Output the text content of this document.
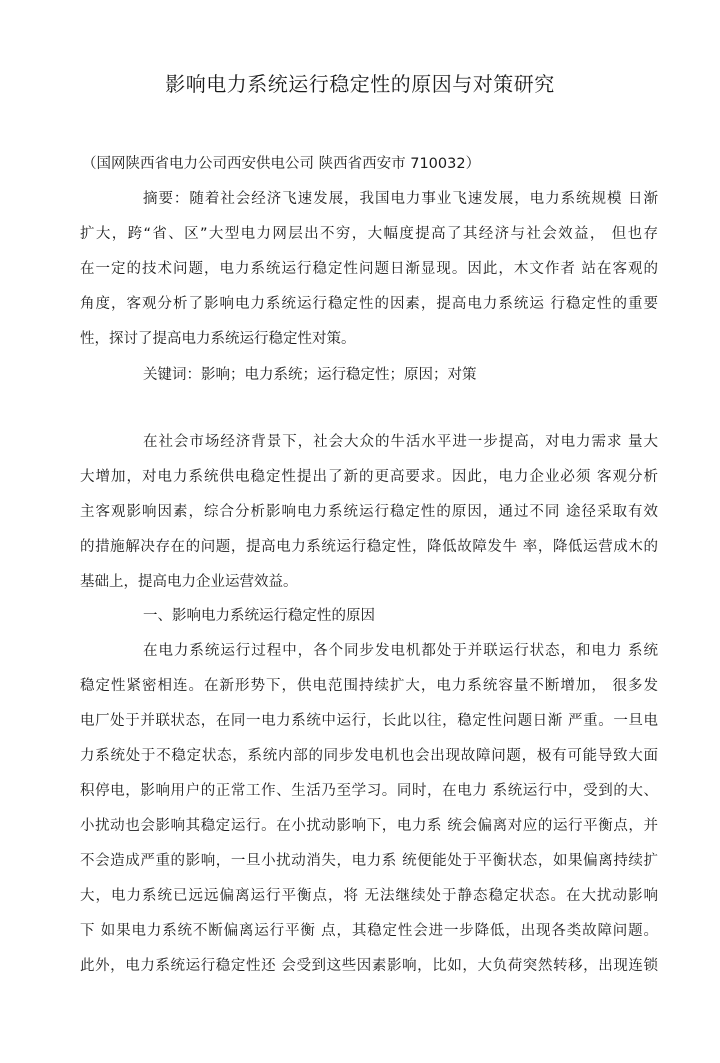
影响电力系统运行稳定性的原因与对策研究

（国网陕西省电力公司西安供电公司 陕西省西安市 710032）

摘要：随着社会经济飞速发展，我国电力事业飞速发展，电力系统规模 日渐

扩大，跨“省、区”大型电力网层出不穷，大幅度提高了其经济与社会效益， 但也存

在一定的技术问题，电力系统运行稳定性问题日渐显现。因此，木文作者 站在客观的

角度，客观分析了影响电力系统运行稳定性的因素，提高电力系统运 行稳定性的重要

性，探讨了提高电力系统运行稳定性对策。

关键词：影响；电力系统；运行稳定性；原因；对策

在社会市场经济背景下，社会大众的牛活水平进一步提高，对电力需求 量大

大增加，对电力系统供电稳定性提出了新的更高要求。因此，电力企业必须 客观分析

主客观影响因素，综合分析影响电力系统运行稳定性的原因，通过不同 途径采取有效

的措施解决存在的问题，提高电力系统运行稳定性，降低故障发牛 率，降低运营成木的

基础上，提高电力企业运营效益。

一、影响电力系统运行稳定性的原因

在电力系统运行过程中，各个同步发电机都处于并联运行状态，和电力 系统

稳定性紧密相连。在新形势下，供电范围持续扩大，电力系统容量不断增加， 很多发

电厂处于并联状态，在同一电力系统中运行，长此以往，稳定性问题日渐 严重。一旦电

力系统处于不稳定状态，系统内部的同步发电机也会出现故障问题，极有可能导致大面

积停电，影响用户的正常工作、生活乃至学习。同时，在电力 系统运行中，受到的大、

小扰动也会影响其稳定运行。在小扰动影响下，电力系 统会偏离对应的运行平衡点，并

不会造成严重的影响，一旦小扰动消失，电力系 统便能处于平衡状态，如果偏离持续扩

大，电力系统已远远偏离运行平衡点，将 无法继续处于静态稳定状态。在大扰动影响

下 如果电力系统不断偏离运行平衡 点，其稳定性会进一步降低，出现各类故障问题。

此外，电力系统运行稳定性还 会受到这些因素影响，比如，大负荷突然转移，出现连锁
